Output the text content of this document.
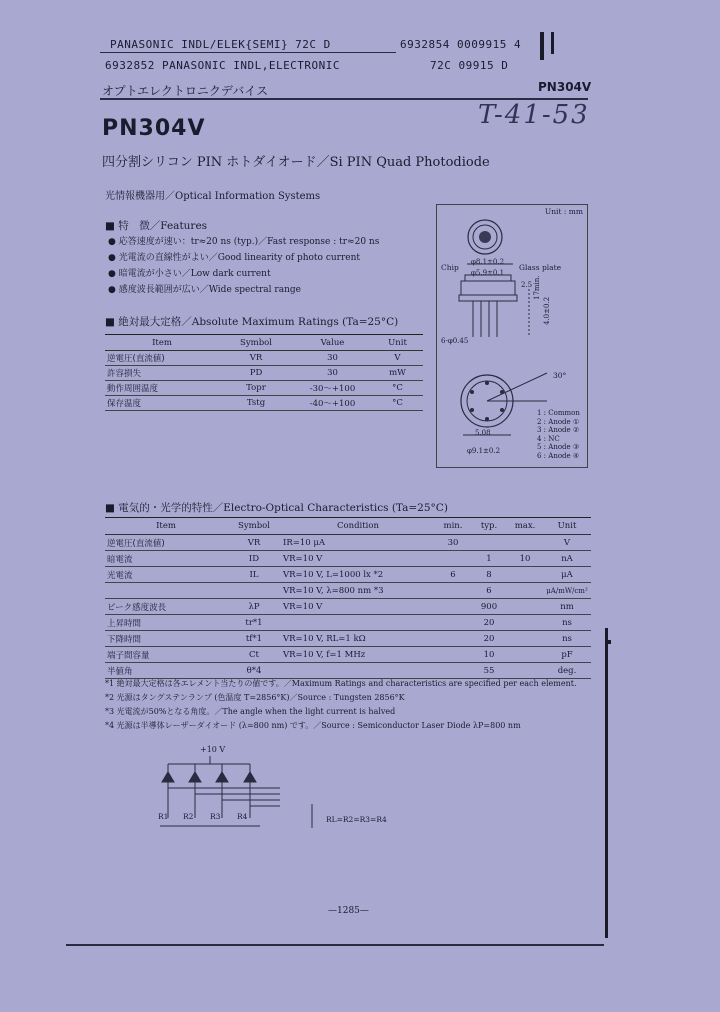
PANASONIC INDL/ELEK{SEMI} 72C D	6932854 0009915 4
6932852 PANASONIC INDL,ELECTRONIC	72C 09915 D
オプトエレクトロニクデバイス	PN304V
PN304V	T-41-53
四分割シリコン PIN ホトダイオード／Si PIN Quad Photodiode
光情報機器用／Optical Information Systems
■ 特　徴／Features
● 応答速度が速い：tr≈20 ns (typ.)／Fast response : tr≈20 ns
● 光電流の直線性がよい／Good linearity of photo current
● 暗電流が小さい／Low dark current
● 感度波長範囲が広い／Wide spectral range
■ 絶対最大定格／Absolute Maximum Ratings (Ta=25°C)
Item	Symbol	Value	Unit
逆電圧(直流値)	VR	30	V
許容損失	PD	30	mW
動作周囲温度	Topr	-30～+100	°C
保存温度	Tstg	-40～+100	°C
Unit : mm
Chip	Glass plate
φ8.1±0.2
φ5.9±0.1
2.5 17min.
4.0±0.2
6-φ0.45
30°
5.08
φ9.1±0.2
1 : Common
2 : Anode ①
3 : Anode ②
4 : NC
5 : Anode ③
6 : Anode ④
■ 電気的・光学的特性／Electro-Optical Characteristics (Ta=25°C)
Item	Symbol	Condition	min.	typ.	max.	Unit
逆電圧(直流値)	VR	IR=10 μA	30			V
暗電流	ID	VR=10 V		1	10	nA
光電流	IL	VR=10 V, L=1000 lx *2	6	8		μA
		VR=10 V, λ=800 nm *3		6		μA/mW/cm²
ピーク感度波長	λP	VR=10 V		900		nm
上昇時間	tr*1			20		ns
下降時間	tf*1	VR=10 V, RL=1 kΩ		20		ns
端子間容量	Ct	VR=10 V, f=1 MHz		10		pF
半値角	θ*4			55		deg.
*1 絶対最大定格は各エレメント当たりの値です。／Maximum Ratings and characteristics are specified per each element.
*2 光源はタングステンランプ (色温度 T=2856°K)／Source : Tungsten 2856°K
*3 光電流が50%となる角度。／The angle when the light current is halved
*4 光源は半導体レーザーダイオード (λ=800 nm) です。／Source : Semiconductor Laser Diode λP=800 nm
+10 V
R1 R2 R3 R4	RL=R2=R3=R4
—1285—
